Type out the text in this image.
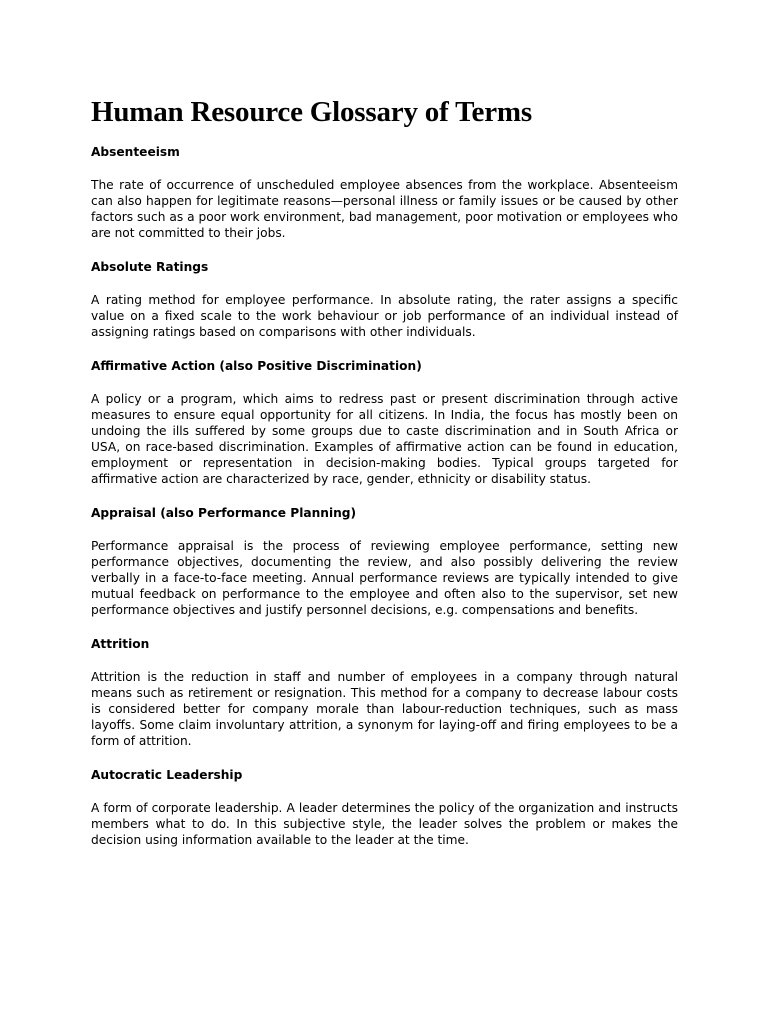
Human Resource Glossary of Terms
Absenteeism

The rate of occurrence of unscheduled employee absences from the workplace. Absenteeism can also happen for legitimate reasons—personal illness or family issues or be caused by other factors such as a poor work environment, bad management, poor motivation or employees who are not committed to their jobs.

Absolute Ratings

A rating method for employee performance. In absolute rating, the rater assigns a specific value on a fixed scale to the work behaviour or job performance of an individual instead of assigning ratings based on comparisons with other individuals.

Affirmative Action (also Positive Discrimination)

A policy or a program, which aims to redress past or present discrimination through active measures to ensure equal opportunity for all citizens. In India, the focus has mostly been on undoing the ills suffered by some groups due to caste discrimination and in South Africa or USA, on race-based discrimination. Examples of affirmative action can be found in education, employment or representation in decision-making bodies. Typical groups targeted for affirmative action are characterized by race, gender, ethnicity or disability status.

Appraisal (also Performance Planning)

Performance appraisal is the process of reviewing employee performance, setting new performance objectives, documenting the review, and also possibly delivering the review verbally in a face-to-face meeting. Annual performance reviews are typically intended to give mutual feedback on performance to the employee and often also to the supervisor, set new performance objectives and justify personnel decisions, e.g. compensations and benefits.

Attrition

Attrition is the reduction in staff and number of employees in a company through natural means such as retirement or resignation. This method for a company to decrease labour costs is considered better for company morale than labour-reduction techniques, such as mass layoffs. Some claim involuntary attrition, a synonym for laying-off and firing employees to be a form of attrition.

Autocratic Leadership

A form of corporate leadership. A leader determines the policy of the organization and instructs members what to do. In this subjective style, the leader solves the problem or makes the decision using information available to the leader at the time.
